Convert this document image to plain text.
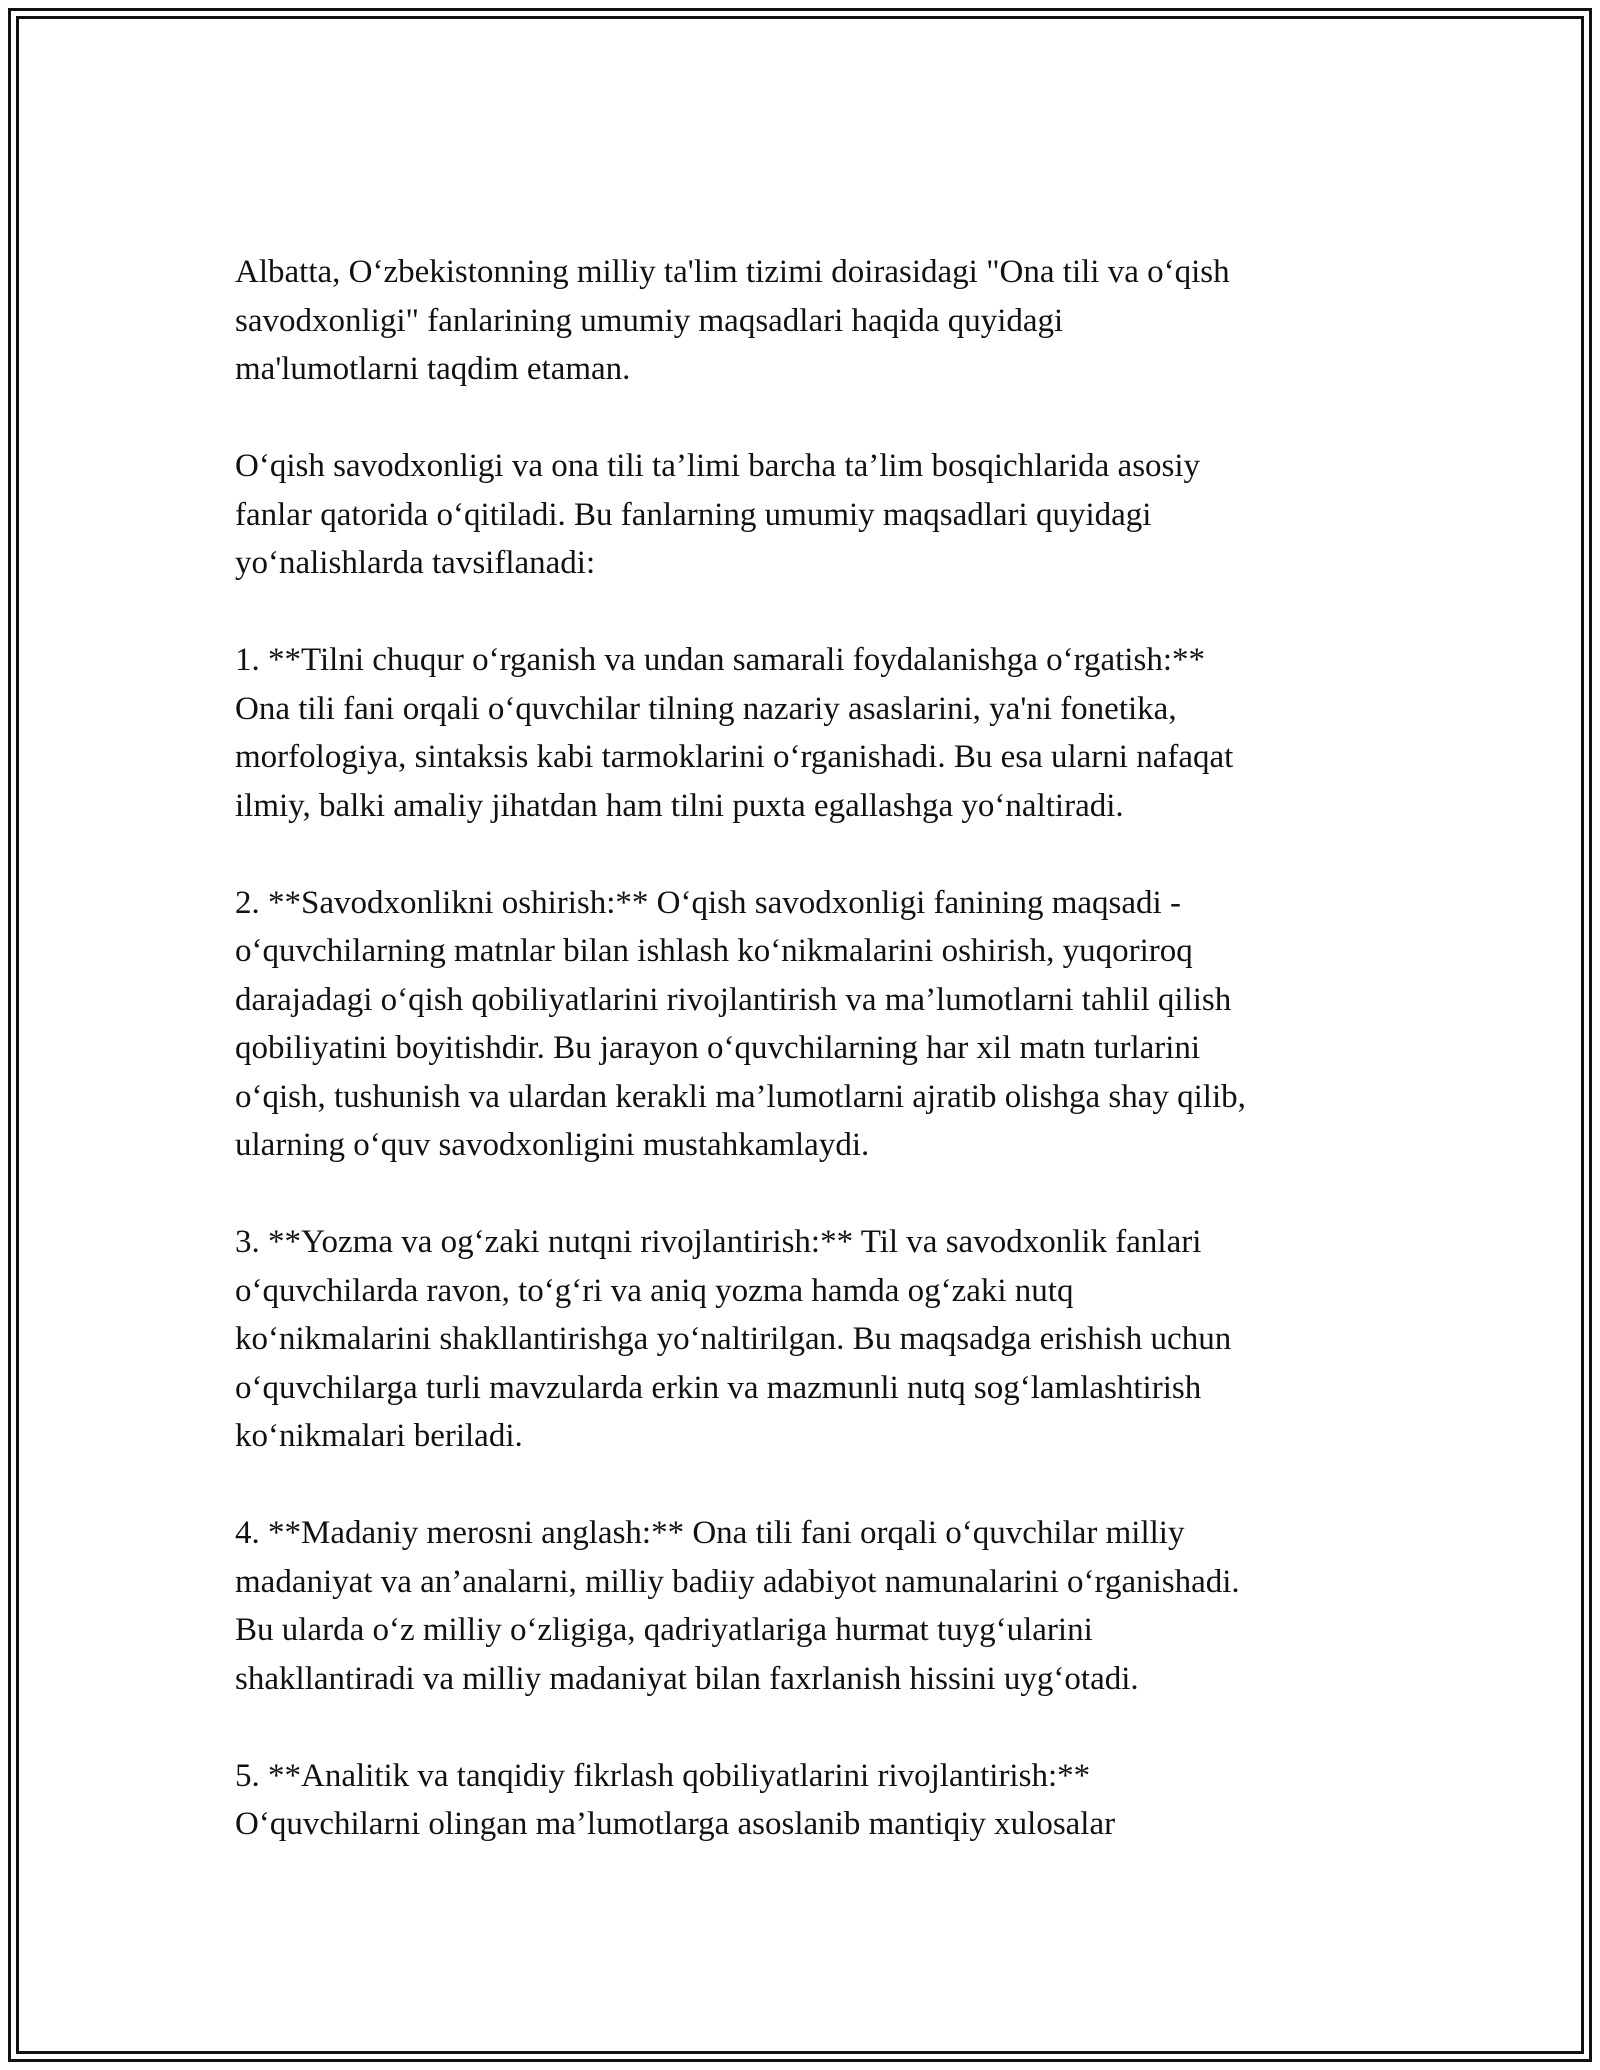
Albatta, Oʻzbekistonning milliy ta'lim tizimi doirasidagi "Ona tili va oʻqish
savodxonligi" fanlarining umumiy maqsadlari haqida quyidagi
ma'lumotlarni taqdim etaman.

Oʻqish savodxonligi va ona tili ta’limi barcha ta’lim bosqichlarida asosiy
fanlar qatorida oʻqitiladi. Bu fanlarning umumiy maqsadlari quyidagi
yoʻnalishlarda tavsiflanadi:

1. **Tilni chuqur oʻrganish va undan samarali foydalanishga oʻrgatish:**
Ona tili fani orqali oʻquvchilar tilning nazariy asaslarini, ya'ni fonetika,
morfologiya, sintaksis kabi tarmoklarini oʻrganishadi. Bu esa ularni nafaqat
ilmiy, balki amaliy jihatdan ham tilni puxta egallashga yoʻnaltiradi.

2. **Savodxonlikni oshirish:** Oʻqish savodxonligi fanining maqsadi -
oʻquvchilarning matnlar bilan ishlash koʻnikmalarini oshirish, yuqoriroq
darajadagi oʻqish qobiliyatlarini rivojlantirish va ma’lumotlarni tahlil qilish
qobiliyatini boyitishdir. Bu jarayon oʻquvchilarning har xil matn turlarini
oʻqish, tushunish va ulardan kerakli ma’lumotlarni ajratib olishga shay qilib,
ularning oʻquv savodxonligini mustahkamlaydi.

3. **Yozma va ogʻzaki nutqni rivojlantirish:** Til va savodxonlik fanlari
oʻquvchilarda ravon, toʻgʻri va aniq yozma hamda ogʻzaki nutq
koʻnikmalarini shakllantirishga yoʻnaltirilgan. Bu maqsadga erishish uchun
oʻquvchilarga turli mavzularda erkin va mazmunli nutq sogʻlamlashtirish
koʻnikmalari beriladi.

4. **Madaniy merosni anglash:** Ona tili fani orqali oʻquvchilar milliy
madaniyat va an’analarni, milliy badiiy adabiyot namunalarini oʻrganishadi.
Bu ularda oʻz milliy oʻzligiga, qadriyatlariga hurmat tuygʻularini
shakllantiradi va milliy madaniyat bilan faxrlanish hissini uygʻotadi.

5. **Analitik va tanqidiy fikrlash qobiliyatlarini rivojlantirish:**
Oʻquvchilarni olingan ma’lumotlarga asoslanib mantiqiy xulosalar
